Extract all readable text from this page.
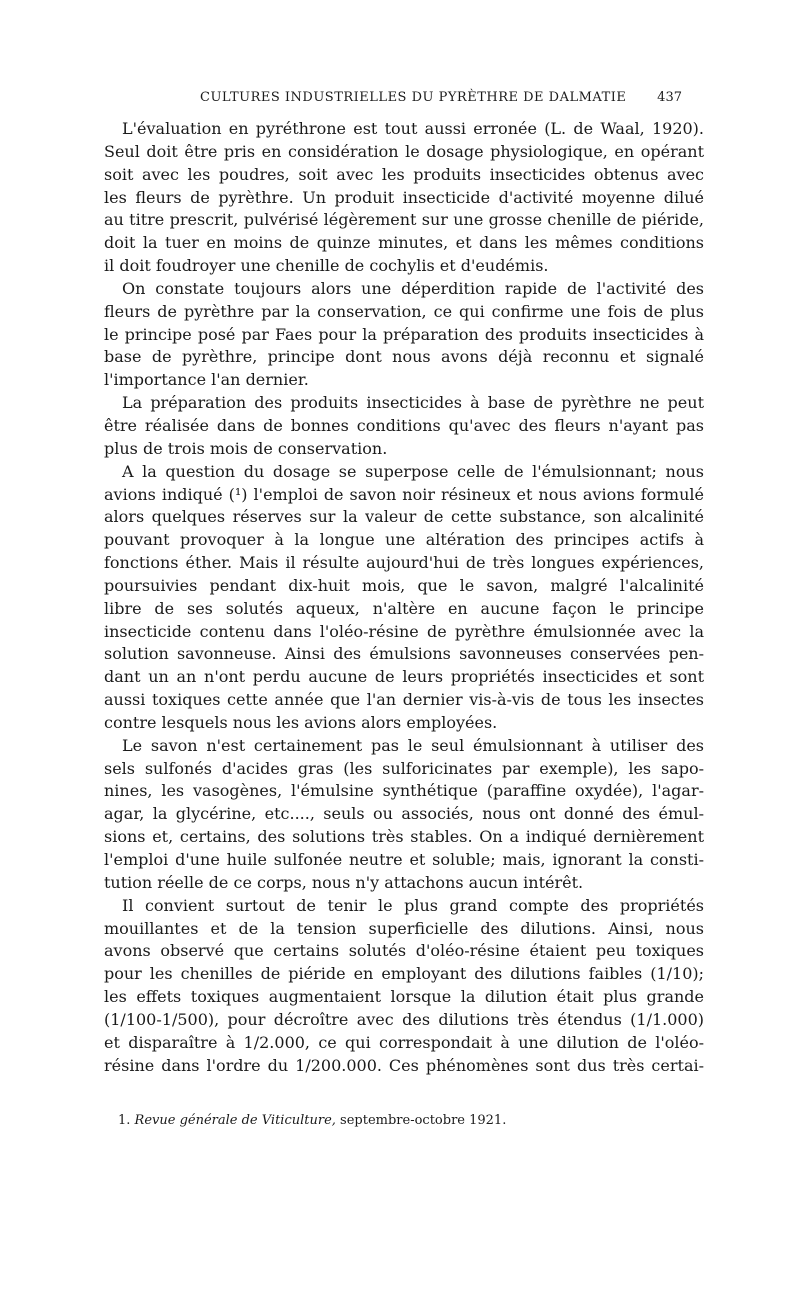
CULTURES INDUSTRIELLES DU PYRÈTHRE DE DALMATIE	437

L'évaluation en pyréthrone est tout aussi erronée (L. de Waal, 1920).

Seul doit être pris en considération le dosage physiologique, en opérant

soit avec les poudres, soit avec les produits insecticides obtenus avec

les fleurs de pyrèthre. Un produit insecticide d'activité moyenne dilué

au titre prescrit, pulvérisé légèrement sur une grosse chenille de piéride,

doit la tuer en moins de quinze minutes, et dans les mêmes conditions

il doit foudroyer une chenille de cochylis et d'eudémis.

On constate toujours alors une déperdition rapide de l'activité des

fleurs de pyrèthre par la conservation, ce qui confirme une fois de plus

le principe posé par Faes pour la préparation des produits insecticides à

base de pyrèthre, principe dont nous avons déjà reconnu et signalé

l'importance l'an dernier.

La préparation des produits insecticides à base de pyrèthre ne peut

être réalisée dans de bonnes conditions qu'avec des fleurs n'ayant pas

plus de trois mois de conservation.

A la question du dosage se superpose celle de l'émulsionnant; nous

avions indiqué (¹) l'emploi de savon noir résineux et nous avions formulé

alors quelques réserves sur la valeur de cette substance, son alcalinité

pouvant provoquer à la longue une altération des principes actifs à

fonctions éther. Mais il résulte aujourd'hui de très longues expériences,

poursuivies pendant dix-huit mois, que le savon, malgré l'alcalinité

libre de ses solutés aqueux, n'altère en aucune façon le principe

insecticide contenu dans l'oléo-résine de pyrèthre émulsionnée avec la

solution savonneuse. Ainsi des émulsions savonneuses conservées pen-

dant un an n'ont perdu aucune de leurs propriétés insecticides et sont

aussi toxiques cette année que l'an dernier vis-à-vis de tous les insectes

contre lesquels nous les avions alors employées.

Le savon n'est certainement pas le seul émulsionnant à utiliser des

sels sulfonés d'acides gras (les sulforicinates par exemple), les sapo-

nines, les vasogènes, l'émulsine synthétique (paraffine oxydée), l'agar-

agar, la glycérine, etc...., seuls ou associés, nous ont donné des émul-

sions et, certains, des solutions très stables. On a indiqué dernièrement

l'emploi d'une huile sulfonée neutre et soluble; mais, ignorant la consti-

tution réelle de ce corps, nous n'y attachons aucun intérêt.

Il convient surtout de tenir le plus grand compte des propriétés

mouillantes et de la tension superficielle des dilutions. Ainsi, nous

avons observé que certains solutés d'oléo-résine étaient peu toxiques

pour les chenilles de piéride en employant des dilutions faibles (1/10);

les effets toxiques augmentaient lorsque la dilution était plus grande

(1/100-1/500), pour décroître avec des dilutions très étendus (1/1.000)

et disparaître à 1/2.000, ce qui correspondait à une dilution de l'oléo-

résine dans l'ordre du 1/200.000. Ces phénomènes sont dus très certai-

1. Revue générale de Viticulture, septembre-octobre 1921.
